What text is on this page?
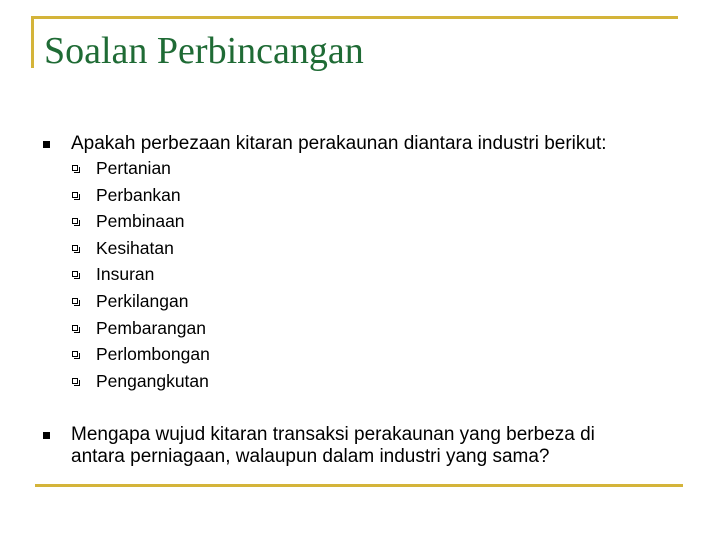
Soalan Perbincangan

Apakah perbezaan kitaran perakaunan diantara industri berikut:

Pertanian
Perbankan
Pembinaan
Kesihatan
Insuran
Perkilangan
Pembarangan
Perlombongan
Pengangkutan

Mengapa wujud kitaran transaksi perakaunan yang berbeza di

antara perniagaan, walaupun dalam industri yang sama?
